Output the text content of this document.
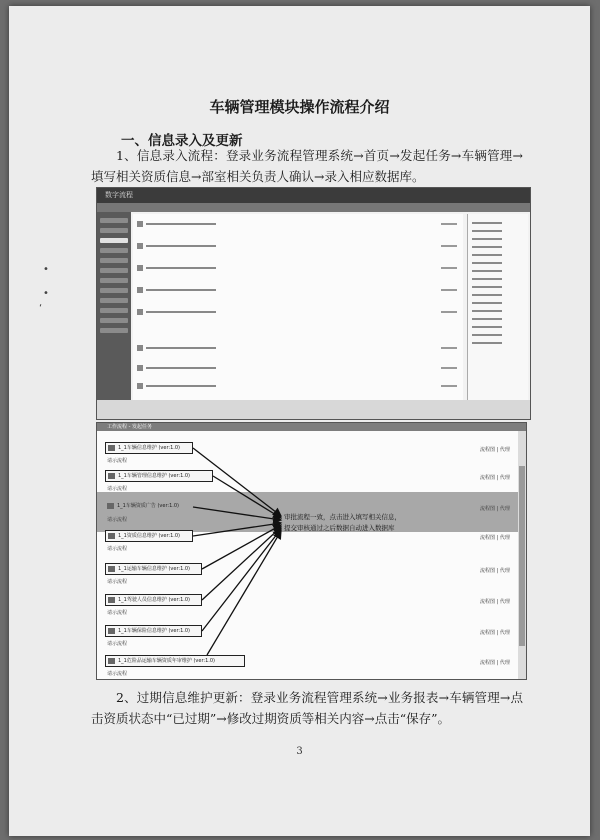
•
•
‘
车辆管理模块操作流程介绍
一、信息录入及更新
1、信息录入流程：登录业务流程管理系统→首页→发起任务→车辆管理→填写相关资质信息→部室相关负责人确认→录入相应数据库。
数字流程
工作流程 - 发起任务
1_1车辆信息维护 (ver:1.0)
请示流程
流程图 | 代理
1_1车辆管理信息维护 (ver:1.0)
请示流程
流程图 | 代理
1_1车辆资质广告 (ver:1.0)
请示流程
流程图 | 代理
1_1资质信息维护 (ver:1.0)
请示流程
流程图 | 代理
1_1运输车辆信息维护 (ver:1.0)
请示流程
流程图 | 代理
1_1驾驶人员信息维护 (ver:1.0)
请示流程
流程图 | 代理
1_1车辆保险信息维护 (ver:1.0)
请示流程
流程图 | 代理
1_1危险品运输车辆资质年审维护 (ver:1.0)
请示流程
流程图 | 代理
审批流程一致，点击进入填写相关信息，
提交审核通过之后数据自动进入数据库
2、过期信息维护更新：登录业务流程管理系统→业务报表→车辆管理→点击资质状态中“已过期”→修改过期资质等相关内容→点击“保存”。
3
